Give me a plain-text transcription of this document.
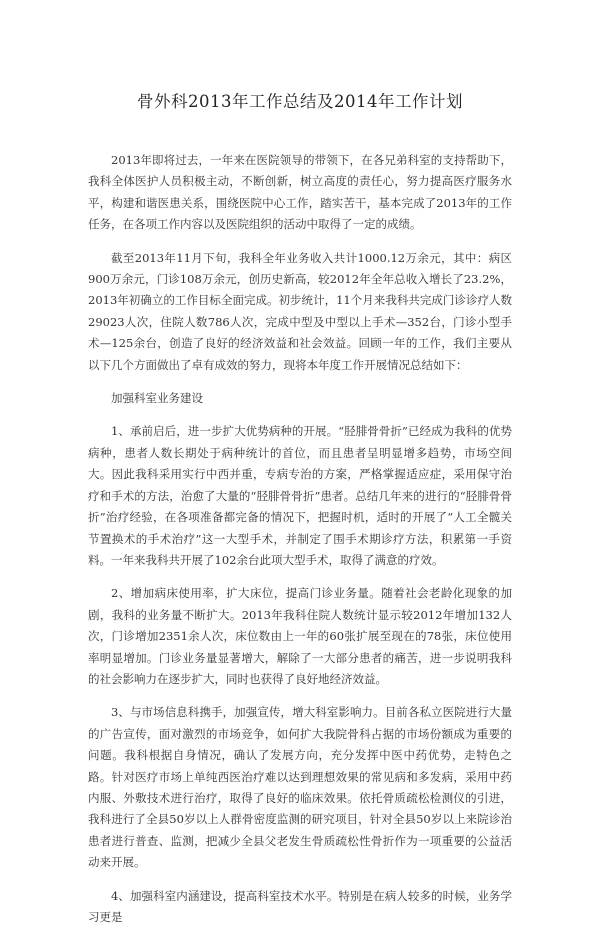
骨外科2013年工作总结及2014年工作计划

2013年即将过去，一年来在医院领导的带领下，在各兄弟科室的支持帮助下，我科全体医护人员积极主动，不断创新，树立高度的责任心，努力提高医疗服务水平，构建和谐医患关系，围绕医院中心工作，踏实苦干，基本完成了2013年的工作任务，在各项工作内容以及医院组织的活动中取得了一定的成绩。

截至2013年11月下旬，我科全年业务收入共计1000.12万余元，其中：病区900万余元，门诊108万余元，创历史新高，较2012年全年总收入增长了23.2%，2013年初确立的工作目标全面完成。初步统计，11个月来我科共完成门诊诊疗人数29023人次，住院人数786人次，完成中型及中型以上手术—352台，门诊小型手术—125余台，创造了良好的经济效益和社会效益。回顾一年的工作，我们主要从以下几个方面做出了卓有成效的努力，现将本年度工作开展情况总结如下：

加强科室业务建设

1、承前启后，进一步扩大优势病种的开展。“胫腓骨骨折”已经成为我科的优势病种，患者人数长期处于病种统计的首位，而且患者呈明显增多趋势，市场空间大。因此我科采用实行中西并重，专病专治的方案，严格掌握适应症，采用保守治疗和手术的方法，治愈了大量的“胫腓骨骨折”患者。总结几年来的进行的“胫腓骨骨折”治疗经验，在各项准备都完备的情况下，把握时机，适时的开展了“人工全髋关节置换术的手术治疗”这一大型手术，并制定了围手术期诊疗方法，积累第一手资料。一年来我科共开展了102余台此项大型手术，取得了满意的疗效。

2、增加病床使用率，扩大床位，提高门诊业务量。随着社会老龄化现象的加剧，我科的业务量不断扩大。2013年我科住院人数统计显示较2012年增加132人次，门诊增加2351余人次，床位数由上一年的60张扩展至现在的78张，床位使用率明显增加。门诊业务量显著增大，解除了一大部分患者的痛苦，进一步说明我科的社会影响力在逐步扩大，同时也获得了良好地经济效益。

3、与市场信息科携手，加强宣传，增大科室影响力。目前各私立医院进行大量的广告宣传，面对激烈的市场竞争，如何扩大我院骨科占据的市场份额成为重要的问题。我科根据自身情况，确认了发展方向，充分发挥中医中药优势，走特色之路。针对医疗市场上单纯西医治疗难以达到理想效果的常见病和多发病，采用中药内服、外敷技术进行治疗，取得了良好的临床效果。依托骨质疏松检测仪的引进，我科进行了全县50岁以上人群骨密度监测的研究项目，针对全县50岁以上来院诊治患者进行普查、监测，把减少全县父老发生骨质疏松性骨折作为一项重要的公益活动来开展。

4、加强科室内涵建设，提高科室技术水平。特别是在病人较多的时候，业务学习更是
